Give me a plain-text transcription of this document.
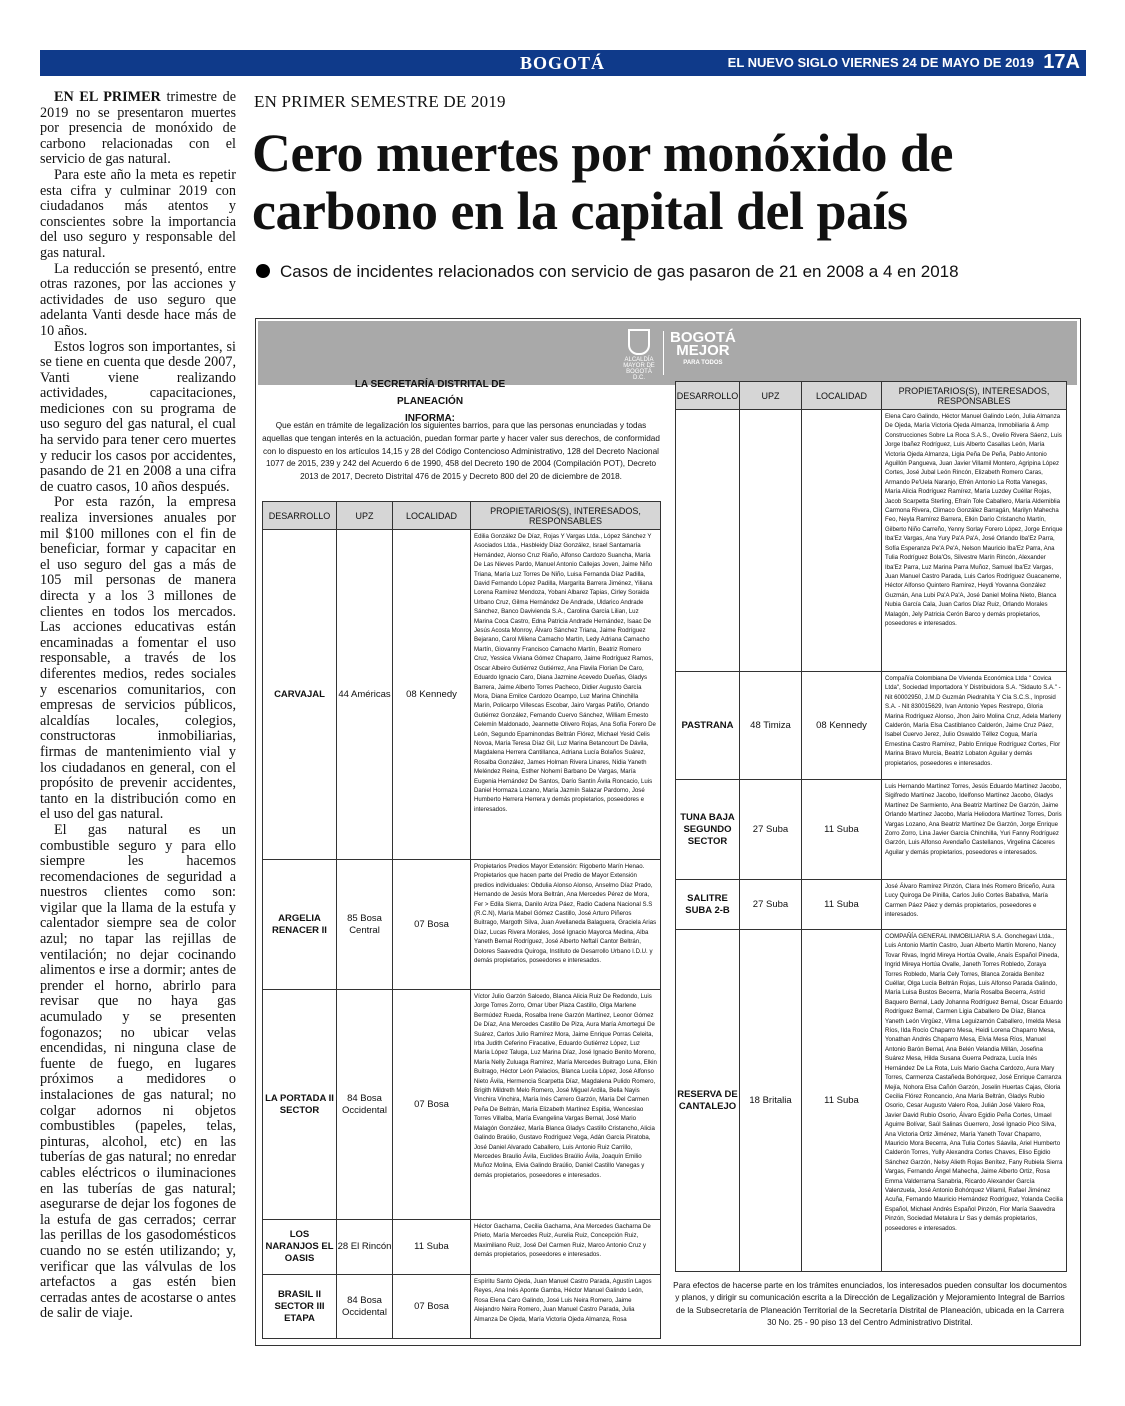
BOGOTÁ	EL NUEVO SIGLO VIERNES 24 DE MAYO DE 2019 17A

EN EL PRIMER trimestre de 2019 no se presentaron muertes por presencia de monóxido de carbono relacionadas con el servicio de gas natural.

Para este año la meta es repetir esta cifra y culminar 2019 con ciudadanos más atentos y conscientes sobre la importancia del uso seguro y responsable del gas natural.

La reducción se presentó, entre otras razones, por las acciones y actividades de uso seguro que adelanta Vanti desde hace más de 10 años.

Estos logros son importantes, si se tiene en cuenta que desde 2007, Vanti viene realizando actividades, capacitaciones, mediciones con su programa de uso seguro del gas natural, el cual ha servido para tener cero muertes y reducir los casos por accidentes, pasando de 21 en 2008 a una cifra de cuatro casos, 10 años después.

Por esta razón, la empresa realiza inversiones anuales por mil $100 millones con el fin de beneficiar, formar y capacitar en el uso seguro del gas a más de 105 mil personas de manera directa y a los 3 millones de clientes en todos los mercados. Las acciones educativas están encaminadas a fomentar el uso responsable, a través de los diferentes medios, redes sociales y escenarios comunitarios, con empresas de servicios públicos, alcaldías locales, colegios, constructoras inmobiliarias, firmas de mantenimiento vial y los ciudadanos en general, con el propósito de prevenir accidentes, tanto en la distribución como en el uso del gas natural.

El gas natural es un combustible seguro y para ello siempre les hacemos recomendaciones de seguridad a nuestros clientes como son: vigilar que la llama de la estufa y calentador siempre sea de color azul; no tapar las rejillas de ventilación; no dejar cocinando alimentos e irse a dormir; antes de prender el horno, abrirlo para revisar que no haya gas acumulado y se presenten fogonazos; no ubicar velas encendidas, ni ninguna clase de fuente de fuego, en lugares próximos a medidores o instalaciones de gas natural; no colgar adornos ni objetos combustibles (papeles, telas, pinturas, alcohol, etc) en las tuberías de gas natural; no enredar cables eléctricos o iluminaciones en las tuberías de gas natural; asegurarse de dejar los fogones de la estufa de gas cerrados; cerrar las perillas de los gasodomésticos cuando no se estén utilizando; y, verificar que las válvulas de los artefactos a gas estén bien cerradas antes de acostarse o antes de salir de viaje.

EN PRIMER SEMESTRE DE 2019
Cero muertes por monóxido de carbono en la capital del país
Casos de incidentes relacionados con servicio de gas pasaron de 21 en 2008 a 4 en 2018
ALCALDÍA MAYOR DE BOGOTÁ D.C.
BOGOTÁ
MEJOR
PARA TODOS
LA SECRETARÍA DISTRITAL DE PLANEACIÓN
INFORMA:
Que están en trámite de legalización los siguientes barrios, para que las personas enunciadas y todas aquellas que tengan interés en la actuación, puedan formar parte y hacer valer sus derechos, de conformidad con lo dispuesto en los artículos 14,15 y 28 del Código Contencioso Administrativo, 128 del Decreto Nacional 1077 de 2015, 239 y 242 del Acuerdo 6 de 1990, 458 del Decreto 190 de 2004 (Compilación POT), Decreto 2013 de 2017, Decreto Distrital 476 de 2015 y Decreto 800 del 20 de diciembre de 2018.
DESARROLLO	UPZ	LOCALIDAD	PROPIETARIOS(S), INTERESADOS, RESPONSABLES
CARVAJAL	44 Américas	08 Kennedy	Edilia González De Díaz, Rojas Y Vargas Ltda., López Sánchez Y Asociados Ltda., Hasbleidy Díaz González, Israel Santamaría Hernández, Alonso Cruz Riaño, Alfonso Cardozo Suancha, María De Las Nieves Pardo, Manuel Antonio Callejas Joven, Jaime Niño Triana, María Luz Torres De Niño, Luisa Fernanda Díaz Padilla, David Fernando López Padilla, Margarita Barrera Jiménez, Yiliana Lorena Ramírez Mendoza, Yobani Albarez Tapias, Cirley Soraida Urbano Cruz, Gilma Hernández De Andrade, Uldarico Andrade Sánchez, Banco Davivienda S.A., Carolina García Lilian, Luz Marina Coca Castro, Edna Patricia Andrade Hernández, Isaac De Jesús Acosta Monroy, Álvaro Sánchez Triana, Jaime Rodríguez Bejarano, Carol Milena Camacho Martín, Ledy Adriana Camacho Martín, Giovanny Francisco Camacho Martín, Beatriz Romero Cruz, Yessica Viviana Gómez Chaparro, Jaime Rodríguez Ramos, Oscar Albeiro Gutiérrez Gutiérrez, Ana Flavila Florian De Caro, Eduardo Ignacio Caro, Diana Jazmine Acevedo Dueñas, Gladys Barrera, Jaime Alberto Torres Pacheco, Didier Augusto García Mora, Diana Emilce Cardozo Ocampo, Luz Marina Chinchilla Marín, Policarpo Villescas Escobar, Jairo Vargas Patiño, Orlando Gutiérrez González, Fernando Cuervo Sánchez, William Ernesto Celemín Maldonado, Jeannette Olivero Rojas, Ana Sofía Forero De León, Segundo Epaminondas Beltrán Flórez, Michael Yesid Celis Novoa, María Teresa Díaz Gil, Luz Marina Betancourt De Dávila, Magdalena Herrera Cantillanca, Adriana Lucía Bolaños Suárez, Rosalba González, James Holman Rivera Linares, Nidia Yaneth Meléndez Reina, Esther Nohemí Barbano De Vargas, María Eugenia Hernández De Santos, Darío Santín Ávila Roncacio, Luis Daniel Hormaza Lozano, María Jazmín Salazar Pardomo, José Humberto Herrera Herrera y demás propietarios, poseedores e interesados.
ARGELIA RENACER II	85 Bosa Central	07 Bosa	Propietarios Predios Mayor Extensión: Rigoberto Marín Henao. Propietarios que hacen parte del Predio de Mayor Extensión predios individuales: Obdulia Alonso Alonso, Anselmo Díaz Prado, Hernando de Jesús Mora Beltrán, Ana Mercedes Pérez de Mora, Fer > Edila Sierra, Danilo Ariza Páez, Radio Cadena Nacional S.S (R.C.N), María Mabel Gómez Castillo, José Arturo Piñeros Buitrago, Margoth Silva, Juan Avellaneda Balaguera, Graciela Arias Díaz, Lucas Rivera Morales, José Ignacio Mayorca Medina, Alba Yaneth Bernal Rodríguez, José Alberto Neftalí Cantor Beltrán, Dolores Saavedra Quiroga, Instituto de Desarrollo Urbano I.D.U. y demás propietarios, poseedores e interesados.
LA PORTADA II SECTOR	84 Bosa Occidental	07 Bosa	Víctor Julio Garzón Salcedo, Blanca Alicia Ruiz De Redondo, Luis Jorge Torres Zorro, Omar Uber Plaza Castillo, Olga Marlene Bermúdez Rueda, Rosalba Irene Garzón Martínez, Leonor Gómez De Díaz, Ana Mercedes Castillo De Piza, Aura María Amortegui De Suárez, Carlos Julio Ramírez Mora, Jaime Enrique Porras Celeita, Irba Judith Ceferino Firacative, Eduardo Gutiérrez López, Luz María López Taluga, Luz Marina Díaz, José Ignacio Benito Moreno, María Nelly Zuluaga Ramírez, María Mercedes Buitrago Luna, Elkin Buitrago, Héctor León Palacios, Blanca Lucila López, José Alfonso Nieto Ávila, Hermencia Scarpetta Díaz, Magdalena Pulido Romero, Brigith Mildreth Melo Romero, José Miguel Ardila, Bella Nayis Vinchira Vinchira, María Inés Carrero Garzón, María Del Carmen Peña De Beltrán, María Elizabeth Martínez Espitia, Wenceslao Torres Villalba, María Evangelina Vargas Bernal, José Mario Malagón González, María Blanca Gladys Castillo Cristancho, Alicia Galindo Braúlio, Gustavo Rodríguez Vega, Adán García Piratoba, José Daniel Alvarado Caballero, Luis Antonio Ruiz Carrillo, Mercedes Braulio Ávila, Euclides Braúlio Ávila, Joaquín Emilio Muñoz Molina, Elvia Galindo Braúlio, Daniel Castillo Vanegas y demás propietarios, poseedores e interesados.
LOS NARANJOS EL OASIS	28 El Rincón	11 Suba	Héctor Gacharna, Cecilia Gacharna, Ana Mercedes Gacharna De Prieto, María Mercedes Ruiz, Aurelia Ruiz, Concepción Ruiz, Maximiliano Ruiz, José Del Carmen Ruiz, Marco Antonio Cruz y demás propietarios, poseedores e interesados.
BRASIL II SECTOR III ETAPA	84 Bosa Occidental	07 Bosa	Espíritu Santo Ojeda, Juan Manuel Castro Parada, Agustín Lagos Reyes, Ana Inés Aponte Gamba, Héctor Manuel Galindo León, Rosa Elena Caro Galindo, José Luis Neira Romero, Jaime Alejandro Neira Romero, Juan Manuel Castro Parada, Julia Almanza De Ojeda, María Victoria Ojeda Almanza, Rosa
DESARROLLO	UPZ	LOCALIDAD	PROPIETARIOS(S), INTERESADOS, RESPONSABLES
			Elena Caro Galindo, Héctor Manuel Galindo León, Julia Almanza De Ojeda, María Victoria Ojeda Almanza, Inmobiliaria & Amp Construcciones Sobre La Roca S.A.S., Ovelio Rivera Sáenz, Luis Jorge Ibañez Rodríguez, Luis Alberto Casallas León, María Victoria Ojeda Almanza, Ligia Peña De Peña, Pablo Antonio Aguillón Pangueva, Juan Javier Villamil Montero, Agripina López Cortes, José Jubal León Rincón, Elizabeth Romero Caras, Armando Pe'Uela Naranjo, Efrén Antonio La Rotta Vanegas, María Alicia Rodríguez Ramírez, María Luzdey Cuéllar Rojas, Jacob Scarpetta Sterling, Efraín Tole Caballero, María Aldemiblia Carmona Rivera, Climaco González Barragán, Marilyn Mahecha Feo, Neyla Ramírez Barrera, Elkin Darío Cristancho Martín, Gilberto Niño Carreño, Yenny Sorlay Forero López, Jorge Enrique Iba'Ez Vargas, Ana Yury Pa'A Pa'A, José Orlando Iba'Ez Parra, Sofía Esperanza Pe'A Pe'A, Nelson Mauricio Iba'Ez Parra, Ana Tulia Rodríguez Bola'Os, Silvestre Marín Rincón, Alexander Iba'Ez Parra, Luz Marina Parra Muñoz, Samuel Iba'Ez Vargas, Juan Manuel Castro Parada, Luis Carlos Rodríguez Guacaneme, Héctor Alfonso Quintero Ramírez, Heydi Yovanna González Guzmán, Ana Lubi Pa'A Pa'A, José Daniel Molina Nieto, Blanca Nubia García Cala, Juan Carlos Díaz Ruiz, Orlando Morales Malagón, Jely Patricia Cerón Barco y demás propietarios, poseedores e interesados.
PASTRANA	48 Timiza	08 Kennedy	Compañía Colombiana De Vivienda Económica Ltda " Covica Ltda", Sociedad Importadora Y Distribuidora S.A. "Sidauto S.A." - Nit 60002950, J.M.D Guzmán Piedrahíta Y Cía S.C.S., Inprosid S.A. - Nit 830015629, Ivan Antonio Yepes Restrepo, Gloria Marina Rodríguez Alonso, Jhon Jairo Molina Cruz, Adela Marleny Calderón, María Elsa Castiblanco Calderón, Jaime Cruz Páez, Isabel Cuervo Jerez, Julio Oswaldo Téllez Cogua, María Ernestina Castro Ramírez, Pablo Enrique Rodríguez Cortes, Flor Marina Bravo Murcia, Beatriz Lobaton Aguilar y demás propietarios, poseedores e interesados.
TUNA BAJA SEGUNDO SECTOR	27 Suba	11 Suba	Luis Hernando Martínez Torres, Jesús Eduardo Martínez Jacobo, Sigifredo Martínez Jacobo, Idelfonso Martínez Jacobo, Gladys Martínez De Sarmiento, Ana Beatriz Martínez De Garzón, Jaime Orlando Martínez Jacobo, María Heliodora Martínez Torres, Doris Vargas Lozano, Ana Beatriz Martínez De Garzón, Jorge Enrique Zorro Zorro, Lina Javier García Chinchilla, Yuri Fanny Rodríguez Garzón, Luis Alfonso Avendaño Castellanos, Virgelina Cáceres Aguilar y demás propietarios, poseedores e interesados.
SALITRE SUBA 2-B	27 Suba	11 Suba	José Álvaro Ramírez Pinzón, Clara Inés Romero Briceño, Aura Lucy Quiroga De Pinilla, Carlos Julio Cortes Babativa, María Carmen Páez Páez y demás propietarios, poseedores e interesados.
RESERVA DE CANTALEJO	18 Britalia	11 Suba	COMPAÑÍA GENERAL INMOBILIARIA S.A. Gonchegavi Ltda., Luis Antonio Martín Castro, Juan Alberto Martín Moreno, Nancy Tovar Rivas, Ingrid Mireya Hortúa Ovalle, Anaís Español Pineda, Ingrid Mireya Hortúa Ovalle, Janeth Torres Robledo, Zoraya Torres Robledo, María Cely Torres, Blanca Zoraida Benítez Cuéllar, Olga Lucía Beltrán Rojas, Luis Alfonso Parada Galindo, María Luisa Bustos Becerra, María Rosalba Becerra, Astrid Baquero Bernal, Lady Johanna Rodríguez Bernal, Oscar Eduardo Rodríguez Bernal, Carmen Ligia Caballero De Díaz, Blanca Yaneth León Virgüez, Vilma Leguizamón Caballero, Imelda Mesa Ríos, Ilda Rocío Chaparro Mesa, Heidi Lorena Chaparro Mesa, Yonathan Andrés Chaparro Mesa, Elvia Mesa Ríos, Manuel Antonio Barón Bernal, Ana Belén Velandia Millán, Josefina Suárez Mesa, Hilda Susana Guerra Pedraza, Lucía Inés Hernández De La Rota, Luis Mario Gacha Cardozo, Aura Mary Torres, Carmenza Castañeda Bohórquez, José Enrique Carranza Mejía, Nohora Elsa Cañón Garzón, Joselin Huertas Cajas, Gloria Cecilia Flórez Roncancio, Ana María Beltrán, Gladys Rubio Osorio, Cesar Augusto Valero Roa, Julián José Valero Roa, Javier David Rubio Osorio, Álvaro Egidio Peña Cortes, Umael Aguirre Bolívar, Saúl Salinas Guerrero, José Ignacio Pico Silva, Ana Victoria Ortiz Jiménez, María Yaneth Tovar Chaparro, Mauricio Mora Becerra, Ana Tulia Cortes Sáavila, Ariel Humberto Calderón Torres, Yully Alexandra Cortes Chaves, Eliso Egidio Sánchez Garzón, Nelsy Alieth Rojas Benítez, Fany Rubiela Sierra Vargas, Fernando Ángel Mahecha, Jaime Alberto Ortiz, Rosa Emma Valderrama Sanabria, Ricardo Alexander García Valenzuela, José Antonio Bohórquez Villamil, Rafael Jiménez Acuña, Fernando Mauricio Hernández Rodríguez, Yolanda Cecilia Español, Michael Andrés Español Pinzón, Flor María Saavedra Pinzón, Sociedad Metalura Lr Sas y demás propietarios, poseedores e interesados.
Para efectos de hacerse parte en los trámites enunciados, los interesados pueden consultar los documentos y planos, y dirigir su comunicación escrita a la Dirección de Legalización y Mejoramiento Integral de Barrios de la Subsecretaría de Planeación Territorial de la Secretaría Distrital de Planeación, ubicada en la Carrera 30 No. 25 - 90 piso 13 del Centro Administrativo Distrital.
